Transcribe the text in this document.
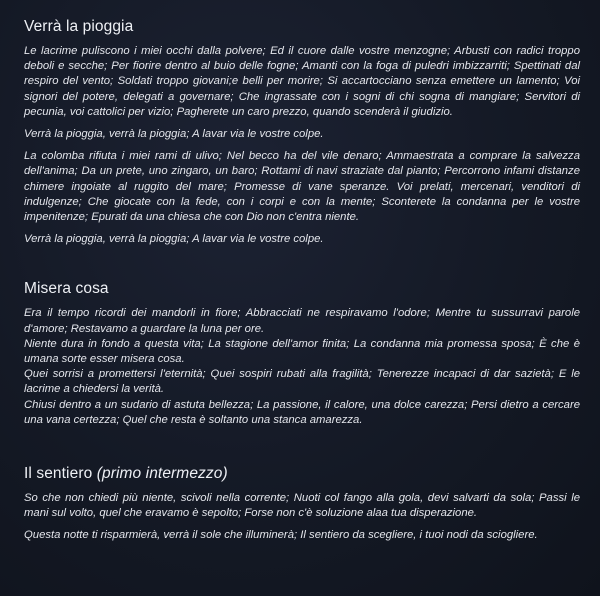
Verrà la pioggia

Le lacrime puliscono i miei occhi dalla polvere; Ed il cuore dalle vostre menzogne; Arbusti con radici troppo deboli e secche; Per fiorire dentro al buio delle fogne; Amanti con la foga di puledri imbizzarriti; Spettinati dal respiro del vento; Soldati troppo giovani;e belli per morire; Si accartocciano senza emettere un lamento; Voi signori del potere, delegati a governare; Che ingrassate con i sogni di chi sogna di mangiare; Servitori di pecunia, voi cattolici per vizio; Pagherete un caro prezzo, quando scenderà il giudizio.

Verrà la pioggia, verrà la pioggia; A lavar via le vostre colpe.

La colomba rifiuta i miei rami di ulivo; Nel becco ha del vile denaro; Ammaestrata a comprare la salvezza dell'anima; Da un prete, uno zingaro, un baro; Rottami di navi straziate dal pianto; Percorrono infami distanze chimere ingoiate al ruggito del mare; Promesse di vane speranze. Voi prelati, mercenari, venditori di indulgenze; Che giocate con la fede, con i corpi e con la mente; Sconterete la condanna per le vostre impenitenze; Epurati da una chiesa che con Dio non c'entra niente.

Verrà la pioggia, verrà la pioggia; A lavar via le vostre colpe.

Misera cosa

Era il tempo ricordi dei mandorli in fiore; Abbracciati ne respiravamo l'odore; Mentre tu sussurravi parole d'amore; Restavamo a guardare la luna per ore.
Niente dura in fondo a questa vita; La stagione dell'amor finita; La condanna mia promessa sposa; È che è umana sorte esser misera cosa.
Quei sorrisi a promettersi l'eternità; Quei sospiri rubati alla fragilità; Tenerezze incapaci di dar sazietà; E le lacrime a chiedersi la verità.
Chiusi dentro a un sudario di astuta bellezza; La passione, il calore, una dolce carezza; Persi dietro a cercare una vana certezza; Quel che resta è soltanto una stanca amarezza.

Il sentiero (primo intermezzo)

So che non chiedi più niente, scivoli nella corrente; Nuoti col fango alla gola, devi salvarti da sola; Passi le mani sul volto, quel che eravamo è sepolto; Forse non c'è soluzione alaa tua disperazione.

Questa notte ti risparmierà, verrà il sole che illuminerà; Il sentiero da scegliere, i tuoi nodi da sciogliere.
